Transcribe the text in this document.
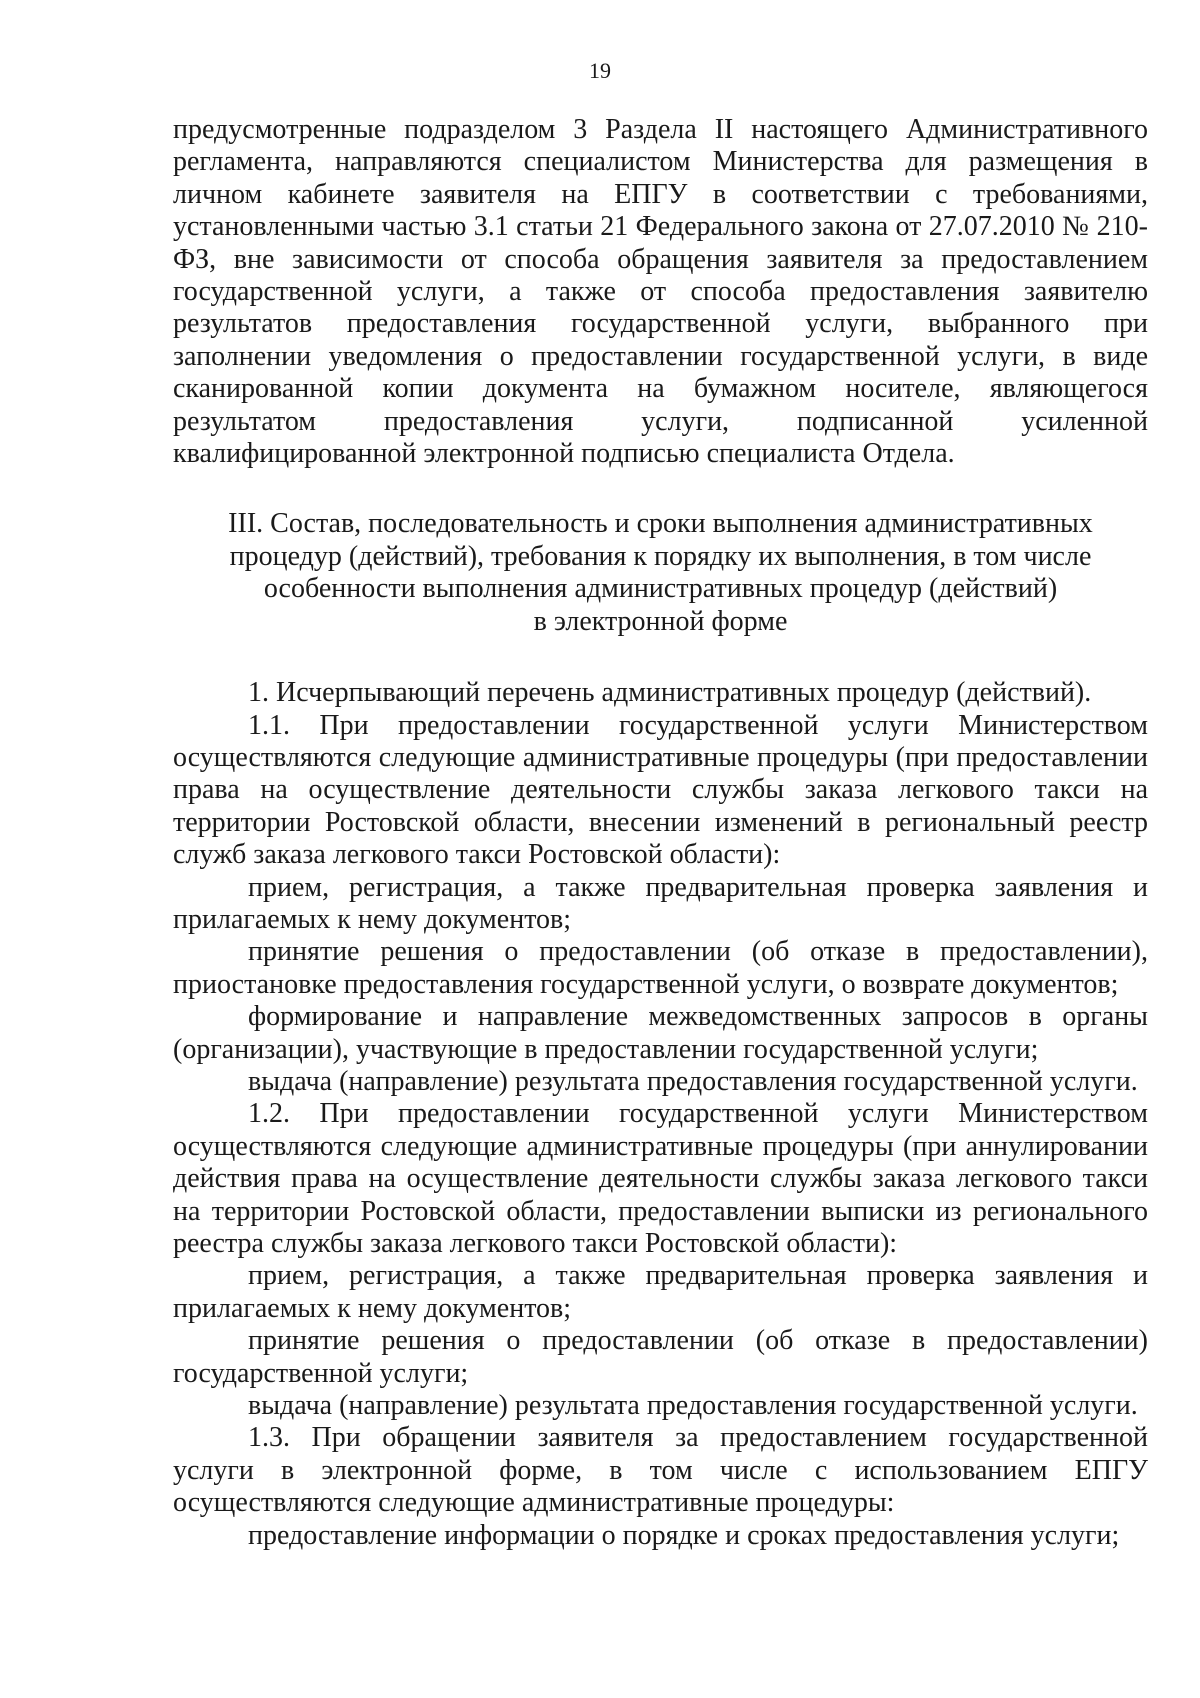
19

предусмотренные подразделом 3 Раздела II настоящего Административного регламента, направляются специалистом Министерства для размещения в личном кабинете заявителя на ЕПГУ в соответствии с требованиями, установленными частью 3.1 статьи 21 Федерального закона от 27.07.2010 № 210-ФЗ, вне зависимости от способа обращения заявителя за предоставлением государственной услуги, а также от способа предоставления заявителю результатов предоставления государственной услуги, выбранного при заполнении уведомления о предоставлении государственной услуги, в виде сканированной копии документа на бумажном носителе, являющегося результатом предоставления услуги, подписанной усиленной квалифицированной электронной подписью специалиста Отдела.

III. Состав, последовательность и сроки выполнения административных
процедур (действий), требования к порядку их выполнения, в том числе
особенности выполнения административных процедур (действий)
в электронной форме

1. Исчерпывающий перечень административных процедур (действий).

1.1. При предоставлении государственной услуги Министерством осуществляются следующие административные процедуры (при предоставлении права на осуществление деятельности службы заказа легкового такси на территории Ростовской области, внесении изменений в региональный реестр служб заказа легкового такси Ростовской области):

прием, регистрация, а также предварительная проверка заявления и прилагаемых к нему документов;

принятие решения о предоставлении (об отказе в предоставлении), приостановке предоставления государственной услуги, о возврате документов;

формирование и направление межведомственных запросов в органы (организации), участвующие в предоставлении государственной услуги;

выдача (направление) результата предоставления государственной услуги.

1.2. При предоставлении государственной услуги Министерством осуществляются следующие административные процедуры (при аннулировании действия права на осуществление деятельности службы заказа легкового такси на территории Ростовской области, предоставлении выписки из регионального реестра службы заказа легкового такси Ростовской области):

прием, регистрация, а также предварительная проверка заявления и прилагаемых к нему документов;

принятие решения о предоставлении (об отказе в предоставлении) государственной услуги;

выдача (направление) результата предоставления государственной услуги.

1.3. При обращении заявителя за предоставлением государственной услуги в электронной форме, в том числе с использованием ЕПГУ осуществляются следующие административные процедуры:

предоставление информации о порядке и сроках предоставления услуги;
